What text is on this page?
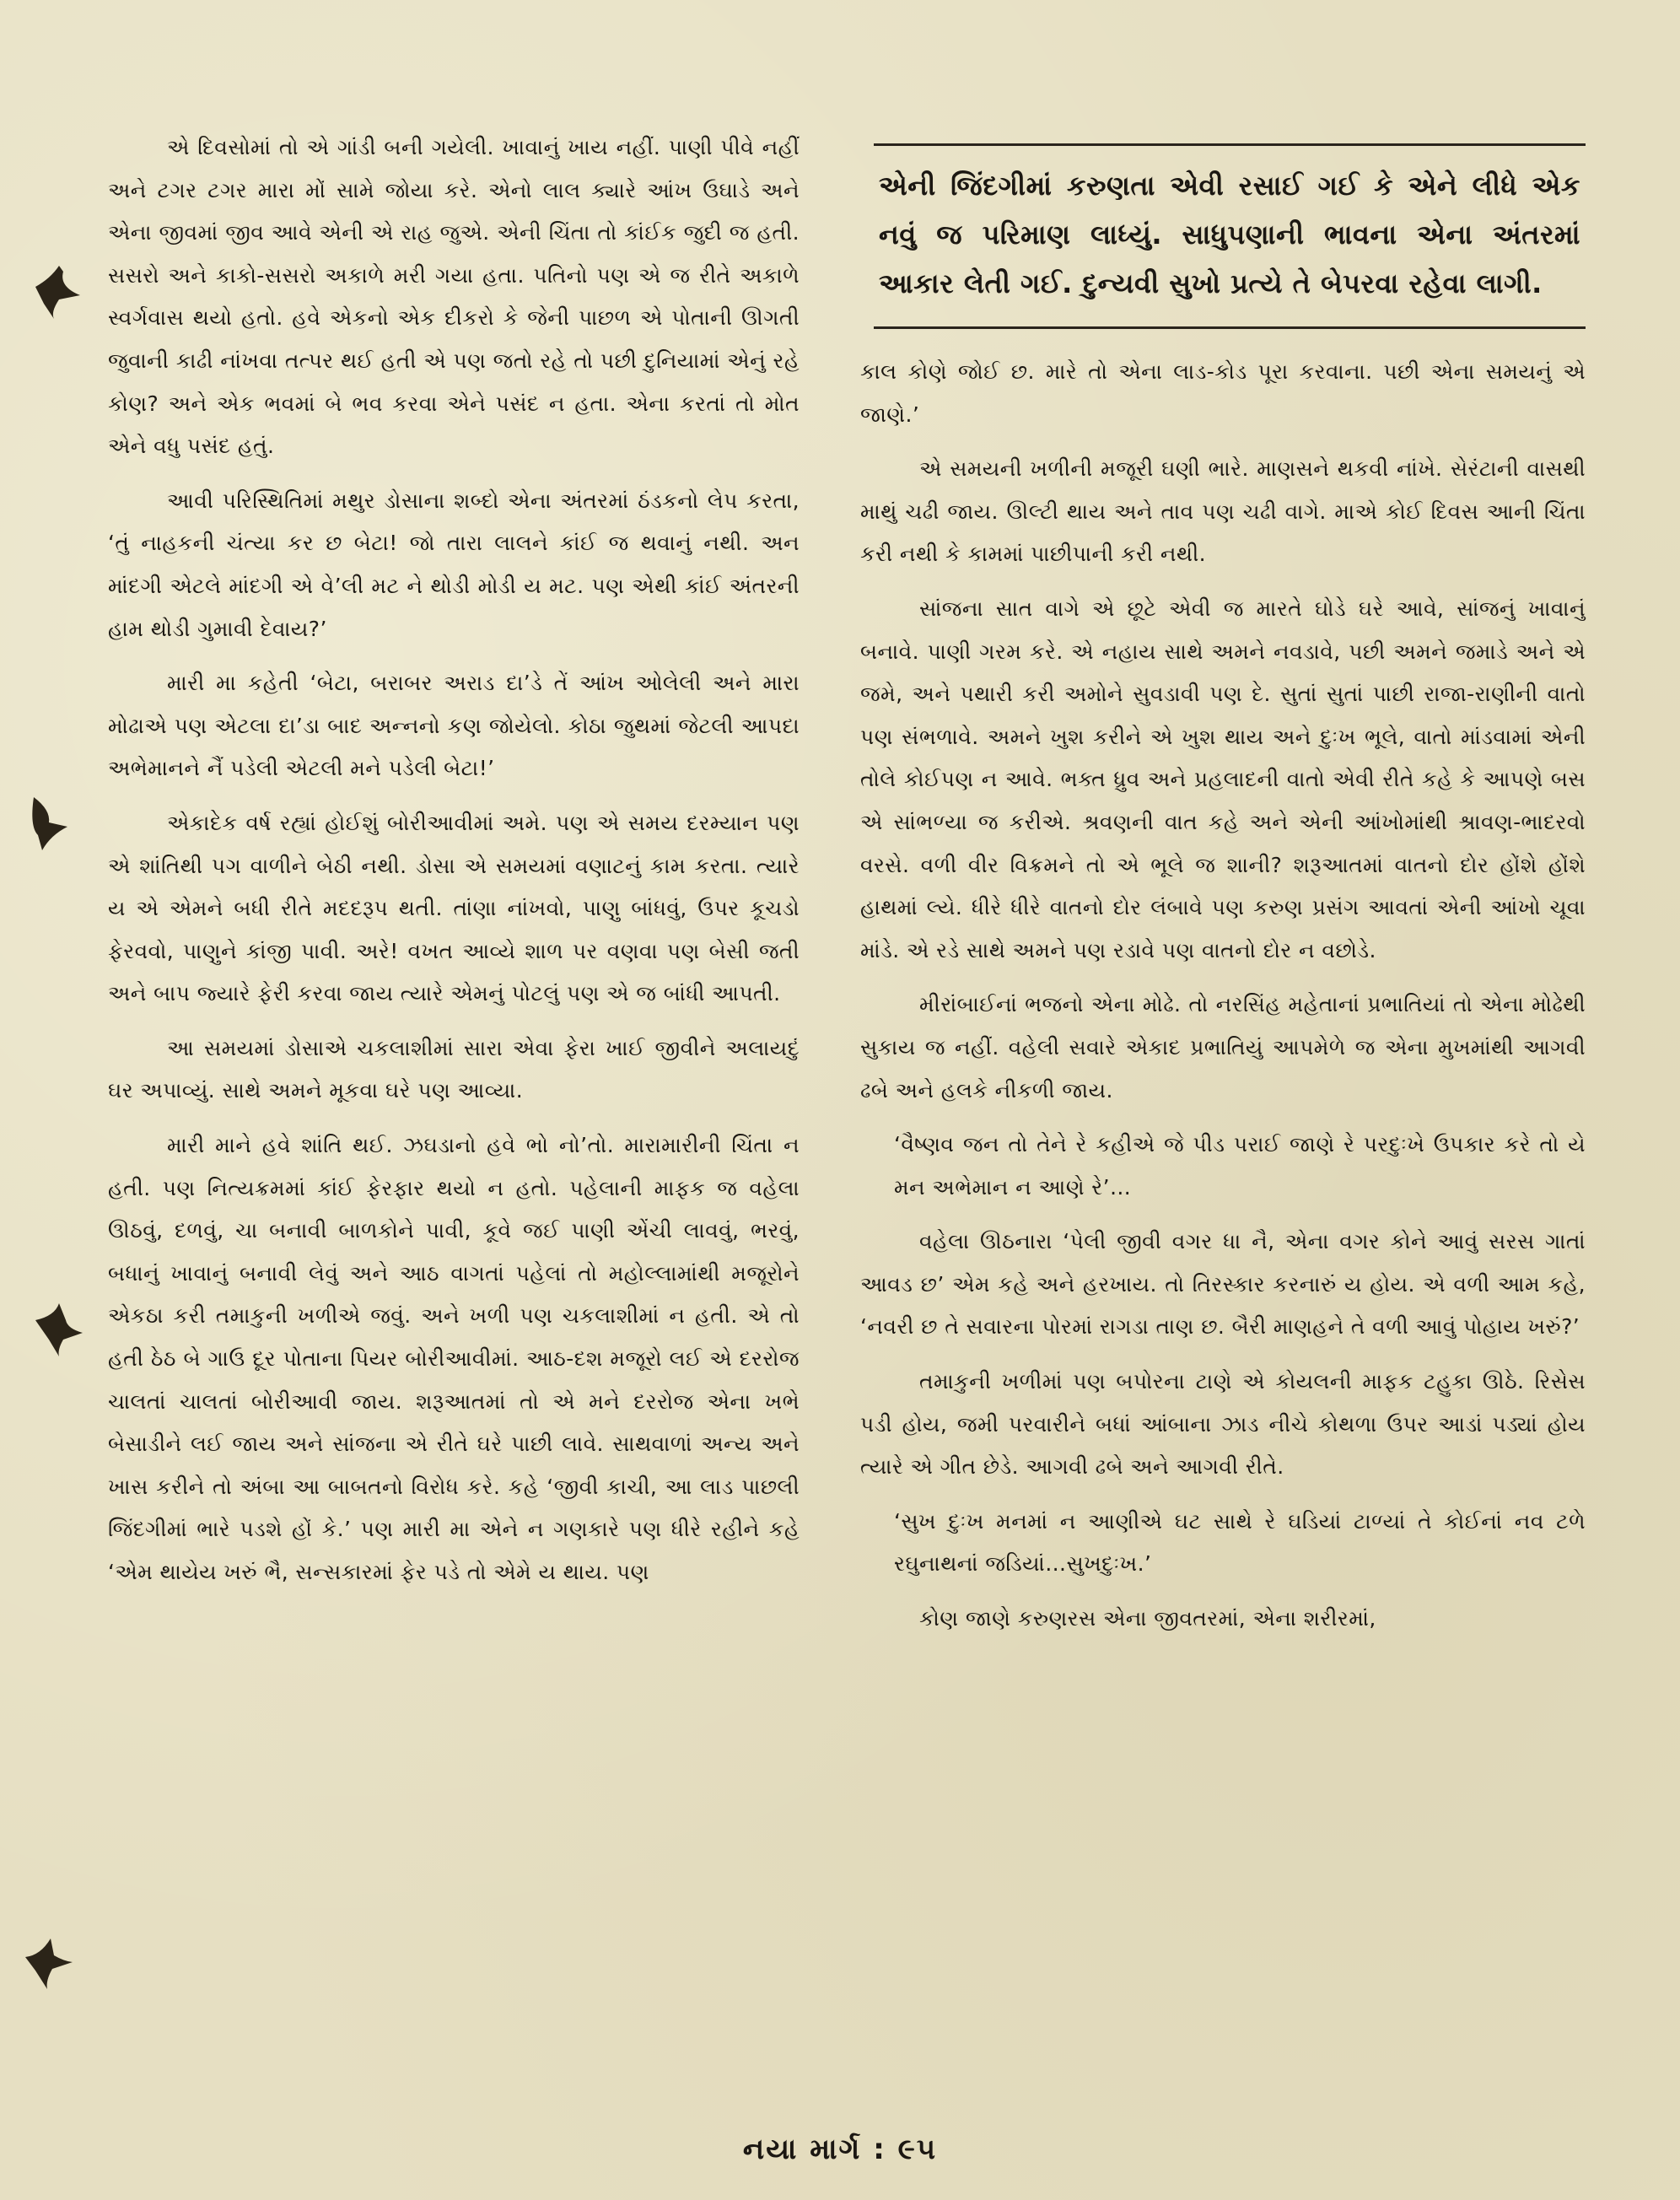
એ દિવસોમાં તો એ ગાંડી બની ગયેલી. ખાવાનું ખાય નહીં. પાણી પીવે નહીં અને ટગર ટગર મારા મોં સામે જોયા કરે. એનો લાલ ક્યારે આંખ ઉઘાડે અને એના જીવમાં જીવ આવે એની એ રાહ જુએ. એની ચિંતા તો કાંઈક જુદી જ હતી. સસરો અને કાકો-સસરો અકાળે મરી ગયા હતા. પતિનો પણ એ જ રીતે અકાળે સ્વર્ગવાસ થયો હતો. હવે એકનો એક દીકરો કે જેની પાછળ એ પોતાની ઊગતી જુવાની કાઢી નાંખવા તત્પર થઈ હતી એ પણ જતો રહે તો પછી દુનિયામાં એનું રહે કોણ? અને એક ભવમાં બે ભવ કરવા એને પસંદ ન હતા. એના કરતાં તો મોત એને વધુ પસંદ હતું.

આવી પરિસ્થિતિમાં મથુર ડોસાના શબ્દો એના અંતરમાં ઠંડકનો લેપ કરતા, ‘તું નાહકની ચંત્યા કર છ બેટા! જો તારા લાલને કાંઈ જ થવાનું નથી. અન માંદગી એટલે માંદગી એ વે’લી મટ ને થોડી મોડી ય મટ. પણ એથી કાંઈ અંતરની હામ થોડી ગુમાવી દેવાય?’

મારી મા કહેતી ‘બેટા, બરાબર અરાડ દા’ડે તેં આંખ ઓલેલી અને મારા મોઢાએ પણ એટલા દા’ડા બાદ અન્નનો કણ જોયેલો. કોઠા જુથમાં જેટલી આપદા અભેમાનને નૈં પડેલી એટલી મને પડેલી બેટા!’

એકાદેક વર્ષ રહ્યાં હોઈશું બોરીઆવીમાં અમે. પણ એ સમય દરમ્યાન પણ એ શાંતિથી પગ વાળીને બેઠી નથી. ડોસા એ સમયમાં વણાટનું કામ કરતા. ત્યારે ય એ એમને બધી રીતે મદદરૂપ થતી. તાંણા નાંખવો, પાણુ બાંધવું, ઉપર કૂચડો ફેરવવો, પાણુને કાંજી પાવી. અરે! વખત આવ્યે શાળ પર વણવા પણ બેસી જતી અને બાપ જ્યારે ફેરી કરવા જાય ત્યારે એમનું પોટલું પણ એ જ બાંધી આપતી.

આ સમયમાં ડોસાએ ચકલાશીમાં સારા એવા ફેરા ખાઈ જીવીને અલાયદું ઘર અપાવ્યું. સાથે અમને મૂકવા ઘરે પણ આવ્યા.

મારી માને હવે શાંતિ થઈ. ઝઘડાનો હવે ભો નો’તો. મારામારીની ચિંતા ન હતી. પણ નિત્યક્રમમાં કાંઈ ફેરફાર થયો ન હતો. પહેલાની માફક જ વહેલા ઊઠવું, દળવું, ચા બનાવી બાળકોને પાવી, કૂવે જઈ પાણી એંચી લાવવું, ભરવું, બધાનું ખાવાનું બનાવી લેવું અને આઠ વાગતાં પહેલાં તો મહોલ્લામાંથી મજૂરોને એકઠા કરી તમાકુની ખળીએ જવું. અને ખળી પણ ચકલાશીમાં ન હતી. એ તો હતી ઠેઠ બે ગાઉ દૂર પોતાના પિયર બોરીઆવીમાં. આઠ-દશ મજૂરો લઈ એ દરરોજ ચાલતાં ચાલતાં બોરીઆવી જાય. શરૂઆતમાં તો એ મને દરરોજ એના ખભે બેસાડીને લઈ જાય અને સાંજના એ રીતે ઘરે પાછી લાવે. સાથવાળાં અન્ય અને ખાસ કરીને તો અંબા આ બાબતનો વિરોધ કરે. કહે ‘જીવી કાચી, આ લાડ પાછલી જિંદગીમાં ભારે પડશે હોં કે.’ પણ મારી મા એને ન ગણકારે પણ ધીરે રહીને કહે ‘એમ થાયેય ખરું ભૈ, સન્સકારમાં ફેર પડે તો એમે ય થાય. પણ

એની જિંદગીમાં કરુણતા એવી રસાઈ ગઈ કે એને લીધે એક નવું જ પરિમાણ લાધ્યું. સાધુપણાની ભાવના એના અંતરમાં આકાર લેતી ગઈ. દુન્યવી સુખો પ્રત્યે તે બેપરવા રહેવા લાગી.

કાલ કોણે જોઈ છ. મારે તો એના લાડ-કોડ પૂરા કરવાના. પછી એના સમયનું એ જાણે.’

એ સમયની ખળીની મજૂરી ઘણી ભારે. માણસને થકવી નાંખે. સેરંટાની વાસથી માથું ચઢી જાય. ઊલ્ટી થાય અને તાવ પણ ચઢી વાગે. માએ કોઈ દિવસ આની ચિંતા કરી નથી કે કામમાં પાછીપાની કરી નથી.

સાંજના સાત વાગે એ છૂટે એવી જ મારતે ઘોડે ઘરે આવે, સાંજનું ખાવાનું બનાવે. પાણી ગરમ કરે. એ નહાય સાથે અમને નવડાવે, પછી અમને જમાડે અને એ જમે, અને પથારી કરી અમોને સુવડાવી પણ દે. સુતાં સુતાં પાછી રાજા-રાણીની વાતો પણ સંભળાવે. અમને ખુશ કરીને એ ખુશ થાય અને દુઃખ ભૂલે, વાતો માંડવામાં એની તોલે કોઈપણ ન આવે. ભક્ત ધ્રુવ અને પ્રહલાદની વાતો એવી રીતે કહે કે આપણે બસ એ સાંભળ્યા જ કરીએ. શ્રવણની વાત કહે અને એની આંખોમાંથી શ્રાવણ-ભાદરવો વરસે. વળી વીર વિક્રમને તો એ ભૂલે જ શાની? શરૂઆતમાં વાતનો દોર હોંશે હોંશે હાથમાં લ્યે. ધીરે ધીરે વાતનો દોર લંબાવે પણ કરુણ પ્રસંગ આવતાં એની આંખો ચૂવા માંડે. એ રડે સાથે અમને પણ રડાવે પણ વાતનો દોર ન વછોડે.

મીરાંબાઈનાં ભજનો એના મોઢે. તો નરસિંહ મહેતાનાં પ્રભાતિયાં તો એના મોઢેથી સુકાય જ નહીં. વહેલી સવારે એકાદ પ્રભાતિયું આપમેળે જ એના મુખમાંથી આગવી ઢબે અને હલકે નીકળી જાય.

‘વૈષ્ણવ જન તો તેને રે કહીએ જે પીડ પરાઈ જાણે રે પરદુઃખે ઉપકાર કરે તો યે મન અભેમાન ન આણે રે’…

વહેલા ઊઠનારા ‘પેલી જીવી વગર ધા નૈ, એના વગર કોને આવું સરસ ગાતાં આવડ છ’ એમ કહે અને હરખાય. તો તિરસ્કાર કરનારું ય હોય. એ વળી આમ કહે, ‘નવરી છ તે સવારના પોરમાં રાગડા તાણ છ. બૈરી માણહને તે વળી આવું પોહાય ખરું?’

તમાકુની ખળીમાં પણ બપોરના ટાણે એ કોયલની માફક ટહુકા ઊઠે. રિસેસ પડી હોય, જમી પરવારીને બધાં આંબાના ઝાડ નીચે કોથળા ઉપર આડાં પડ્યાં હોય ત્યારે એ ગીત છેડે. આગવી ઢબે અને આગવી રીતે.

‘સુખ દુઃખ મનમાં ન આણીએ ઘટ સાથે રે ઘડિયાં ટાળ્યાં તે કોઈનાં નવ ટળે રઘુનાથનાં જડિયાં…સુખદુઃખ.’

કોણ જાણે કરુણરસ એના જીવતરમાં, એના શરીરમાં,

નયા માર્ગ : ૯૫
